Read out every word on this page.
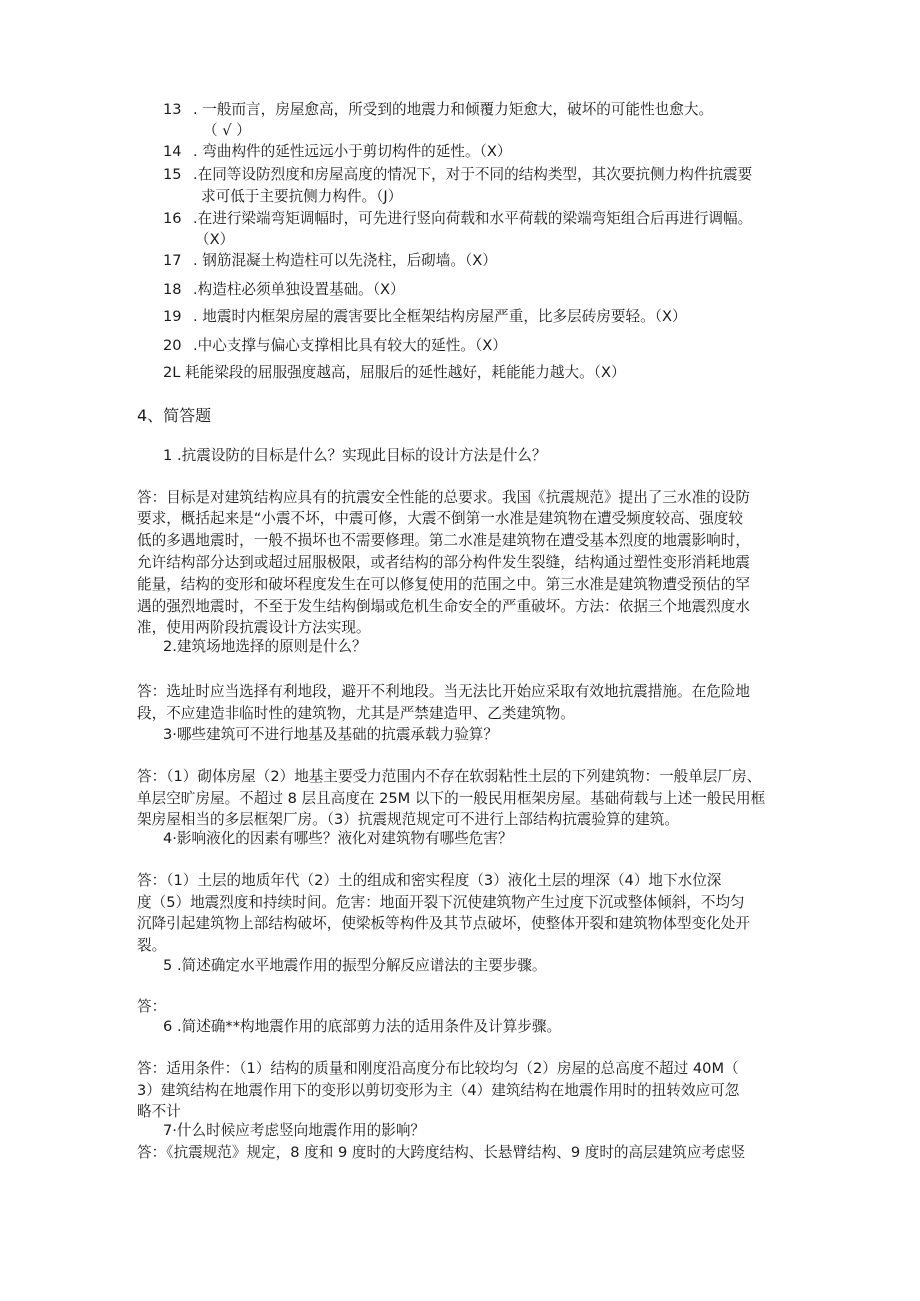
13 . 一般而言，房屋愈高，所受到的地震力和倾覆力矩愈大，破坏的可能性也愈大。
（ √ ）
14 . 弯曲构件的延性远远小于剪切构件的延性。（X）
15 .在同等设防烈度和房屋高度的情况下，对于不同的结构类型，其次要抗侧力构件抗震要
求可低于主要抗侧力构件。（J）
16 .在进行梁端弯矩调幅时，可先进行竖向荷载和水平荷载的梁端弯矩组合后再进行调幅。
（X）
17 . 钢筋混凝土构造柱可以先浇柱，后砌墙。（X）
18 .构造柱必须单独设置基础。（X）
19 . 地震时内框架房屋的震害要比全框架结构房屋严重，比多层砖房要轻。（X）
20 .中心支撑与偏心支撑相比具有较大的延性。（X）
2L 耗能梁段的屈服强度越高，屈服后的延性越好，耗能能力越大。（X）
4、简答题
1 .抗震设防的目标是什么？实现此目标的设计方法是什么？
答：目标是对建筑结构应具有的抗震安全性能的总要求。我国《抗震规范》提出了三水准的设防
要求，概括起来是“小震不坏，中震可修，大震不倒第一水准是建筑物在遭受频度较高、强度较
低的多遇地震时，一般不损坏也不需要修理。第二水准是建筑物在遭受基本烈度的地震影响时，
允许结构部分达到或超过屈服极限，或者结构的部分构件发生裂缝，结构通过塑性变形消耗地震
能量，结构的变形和破坏程度发生在可以修复使用的范围之中。第三水准是建筑物遭受预估的罕
遇的强烈地震时，不至于发生结构倒塌或危机生命安全的严重破坏。方法：依据三个地震烈度水
准，使用两阶段抗震设计方法实现。
2.建筑场地选择的原则是什么？
答：选址时应当选择有利地段，避开不利地段。当无法比开始应采取有效地抗震措施。在危险地
段，不应建造非临时性的建筑物，尤其是严禁建造甲、乙类建筑物。
3·哪些建筑可不进行地基及基础的抗震承载力验算？
答：（1）砌体房屋（2）地基主要受力范围内不存在软弱粘性土层的下列建筑物：一般单层厂房、
单层空旷房屋。不超过 8 层且高度在 25M 以下的一般民用框架房屋。基础荷载与上述一般民用框
架房屋相当的多层框架厂房。（3）抗震规范规定可不进行上部结构抗震验算的建筑。
4·影响液化的因素有哪些？液化对建筑物有哪些危害？
答：（1）土层的地质年代（2）土的组成和密实程度（3）液化土层的埋深（4）地下水位深
度（5）地震烈度和持续时间。危害：地面开裂下沉使建筑物产生过度下沉或整体倾斜，不均匀
沉降引起建筑物上部结构破坏，使梁板等构件及其节点破坏，使整体开裂和建筑物体型变化处开
裂。
5 .简述确定水平地震作用的振型分解反应谱法的主要步骤。
答：
6 .简述确**构地震作用的底部剪力法的适用条件及计算步骤。
答：适用条件：（1）结构的质量和刚度沿高度分布比较均匀（2）房屋的总高度不超过 40M（
3）建筑结构在地震作用下的变形以剪切变形为主（4）建筑结构在地震作用时的扭转效应可忽
略不计
7·什么时候应考虑竖向地震作用的影响？
答：《抗震规范》规定，8 度和 9 度时的大跨度结构、长悬臂结构、9 度时的高层建筑应考虑竖
